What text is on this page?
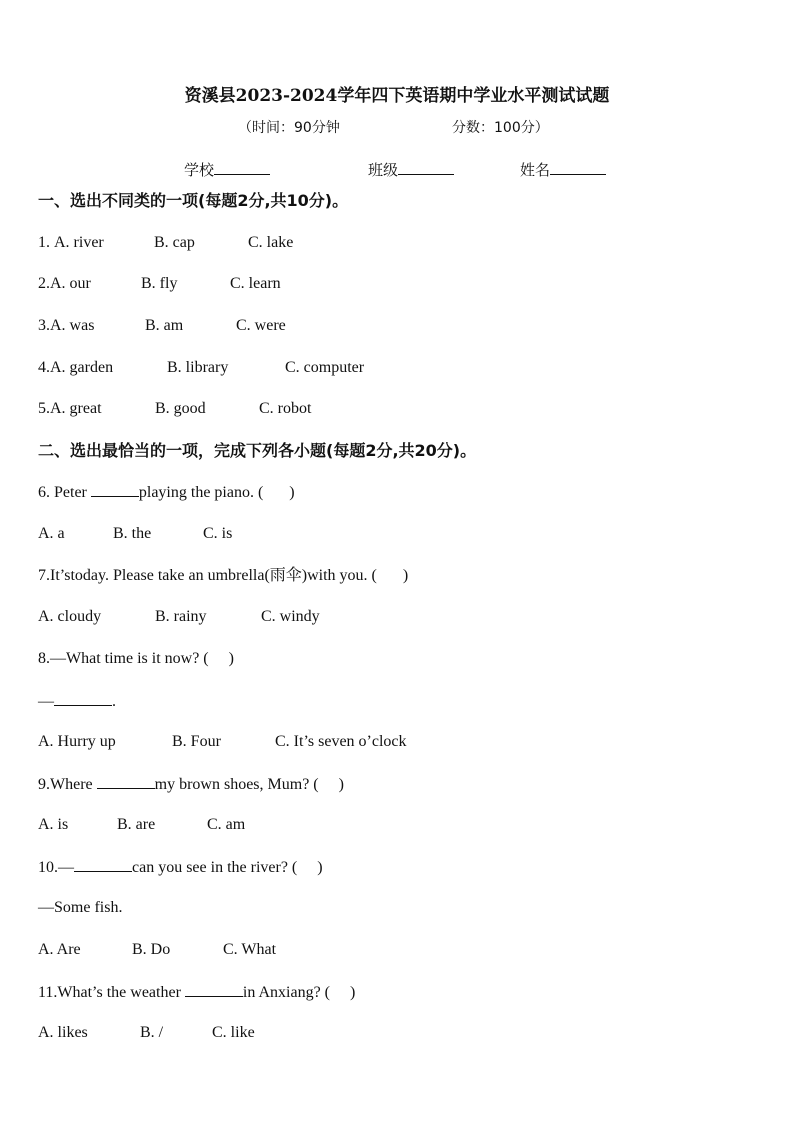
资溪县2023-2024学年四下英语期中学业水平测试试题
（时间：90分钟	分数：100分）
学校	班级	姓名
一、选出不同类的一项(每题2分,共10分)。
1. A. river	B. cap	C. lake
2.A. our	B. fly	C. learn
3.A. was	B. am	C. were
4.A. garden	B. library	C. computer
5.A. great	B. good	C. robot
二、选出最恰当的一项，完成下列各小题(每题2分,共20分)。
6. Peter	playing the piano. ( )
A. a	B. the	C. is
7.It’stoday. Please take an umbrella(雨伞)with you. ( )
A. cloudy	B. rainy	C. windy
8.—What time is it now? ( )
—	.
A. Hurry up	B. Four	C. It’s seven o’clock
9.Where	my brown shoes, Mum? ( )
A. is	B. are	C. am
10.—	can you see in the river? ( )
—Some fish.
A. Are	B. Do	C. What
11.What’s the weather	in Anxiang? ( )
A. likes	B. /	C. like
